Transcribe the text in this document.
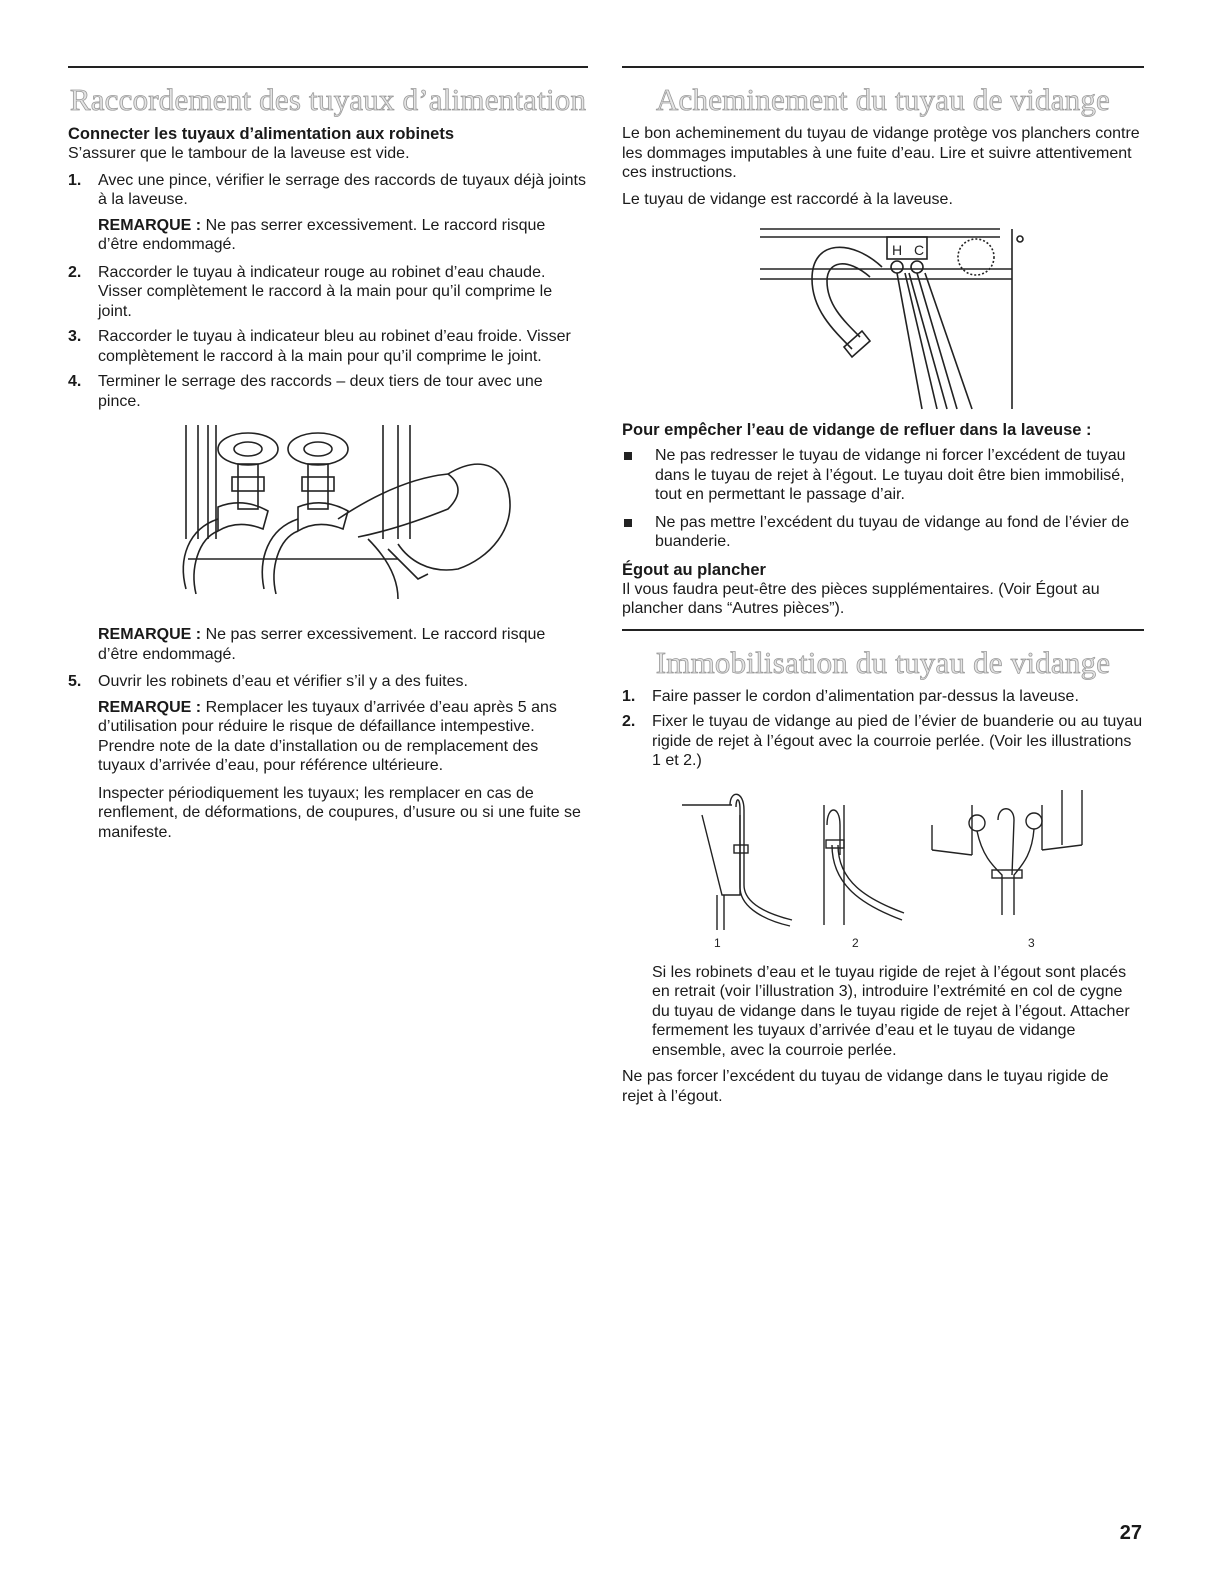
Raccordement des tuyaux d’alimentation
Connecter les tuyaux d’alimentation aux robinets

S’assurer que le tambour de la laveuse est vide.

1.	Avec une pince, vérifier le serrage des raccords de tuyaux déjà joints à la laveuse.
REMARQUE : Ne pas serrer excessivement. Le raccord risque d’être endommagé.
2.	Raccorder le tuyau à indicateur rouge au robinet d’eau chaude. Visser complètement le raccord à la main pour qu’il comprime le joint.
3.	Raccorder le tuyau à indicateur bleu au robinet d’eau froide. Visser complètement le raccord à la main pour qu’il comprime le joint.
4.	Terminer le serrage des raccords – deux tiers de tour avec une pince.
REMARQUE : Ne pas serrer excessivement. Le raccord risque d’être endommagé.
5.	Ouvrir les robinets d’eau et vérifier s’il y a des fuites.
REMARQUE : Remplacer les tuyaux d’arrivée d’eau après 5 ans d’utilisation pour réduire le risque de défaillance intempestive. Prendre note de la date d’installation ou de remplacement des tuyaux d’arrivée d’eau, pour référence ultérieure.

Inspecter périodiquement les tuyaux; les remplacer en cas de renflement, de déformations, de coupures, d’usure ou si une fuite se manifeste.

Acheminement du tuyau de vidange

Le bon acheminement du tuyau de vidange protège vos planchers contre les dommages imputables à une fuite d’eau. Lire et suivre attentivement ces instructions.

Le tuyau de vidange est raccordé à la laveuse.

H C
Pour empêcher l’eau de vidange de refluer dans la laveuse :
Ne pas redresser le tuyau de vidange ni forcer l’excédent de tuyau dans le tuyau de rejet à l’égout. Le tuyau doit être bien immobilisé, tout en permettant le passage d’air.
Ne pas mettre l’excédent du tuyau de vidange au fond de l’évier de buanderie.
Égout au plancher

Il vous faudra peut-être des pièces supplémentaires. (Voir Égout au plancher dans “Autres pièces”).

Immobilisation du tuyau de vidange
1.	Faire passer le cordon d’alimentation par-dessus la laveuse.
2.	Fixer le tuyau de vidange au pied de l’évier de buanderie ou au tuyau rigide de rejet à l’égout avec la courroie perlée. (Voir les illustrations 1 et 2.)
1	2	3

Si les robinets d’eau et le tuyau rigide de rejet à l’égout sont placés en retrait (voir l’illustration 3), introduire l’extrémité en col de cygne du tuyau de vidange dans le tuyau rigide de rejet à l’égout. Attacher fermement les tuyaux d’arrivée d’eau et le tuyau de vidange ensemble, avec la courroie perlée.

Ne pas forcer l’excédent du tuyau de vidange dans le tuyau rigide de rejet à l’égout.

27
